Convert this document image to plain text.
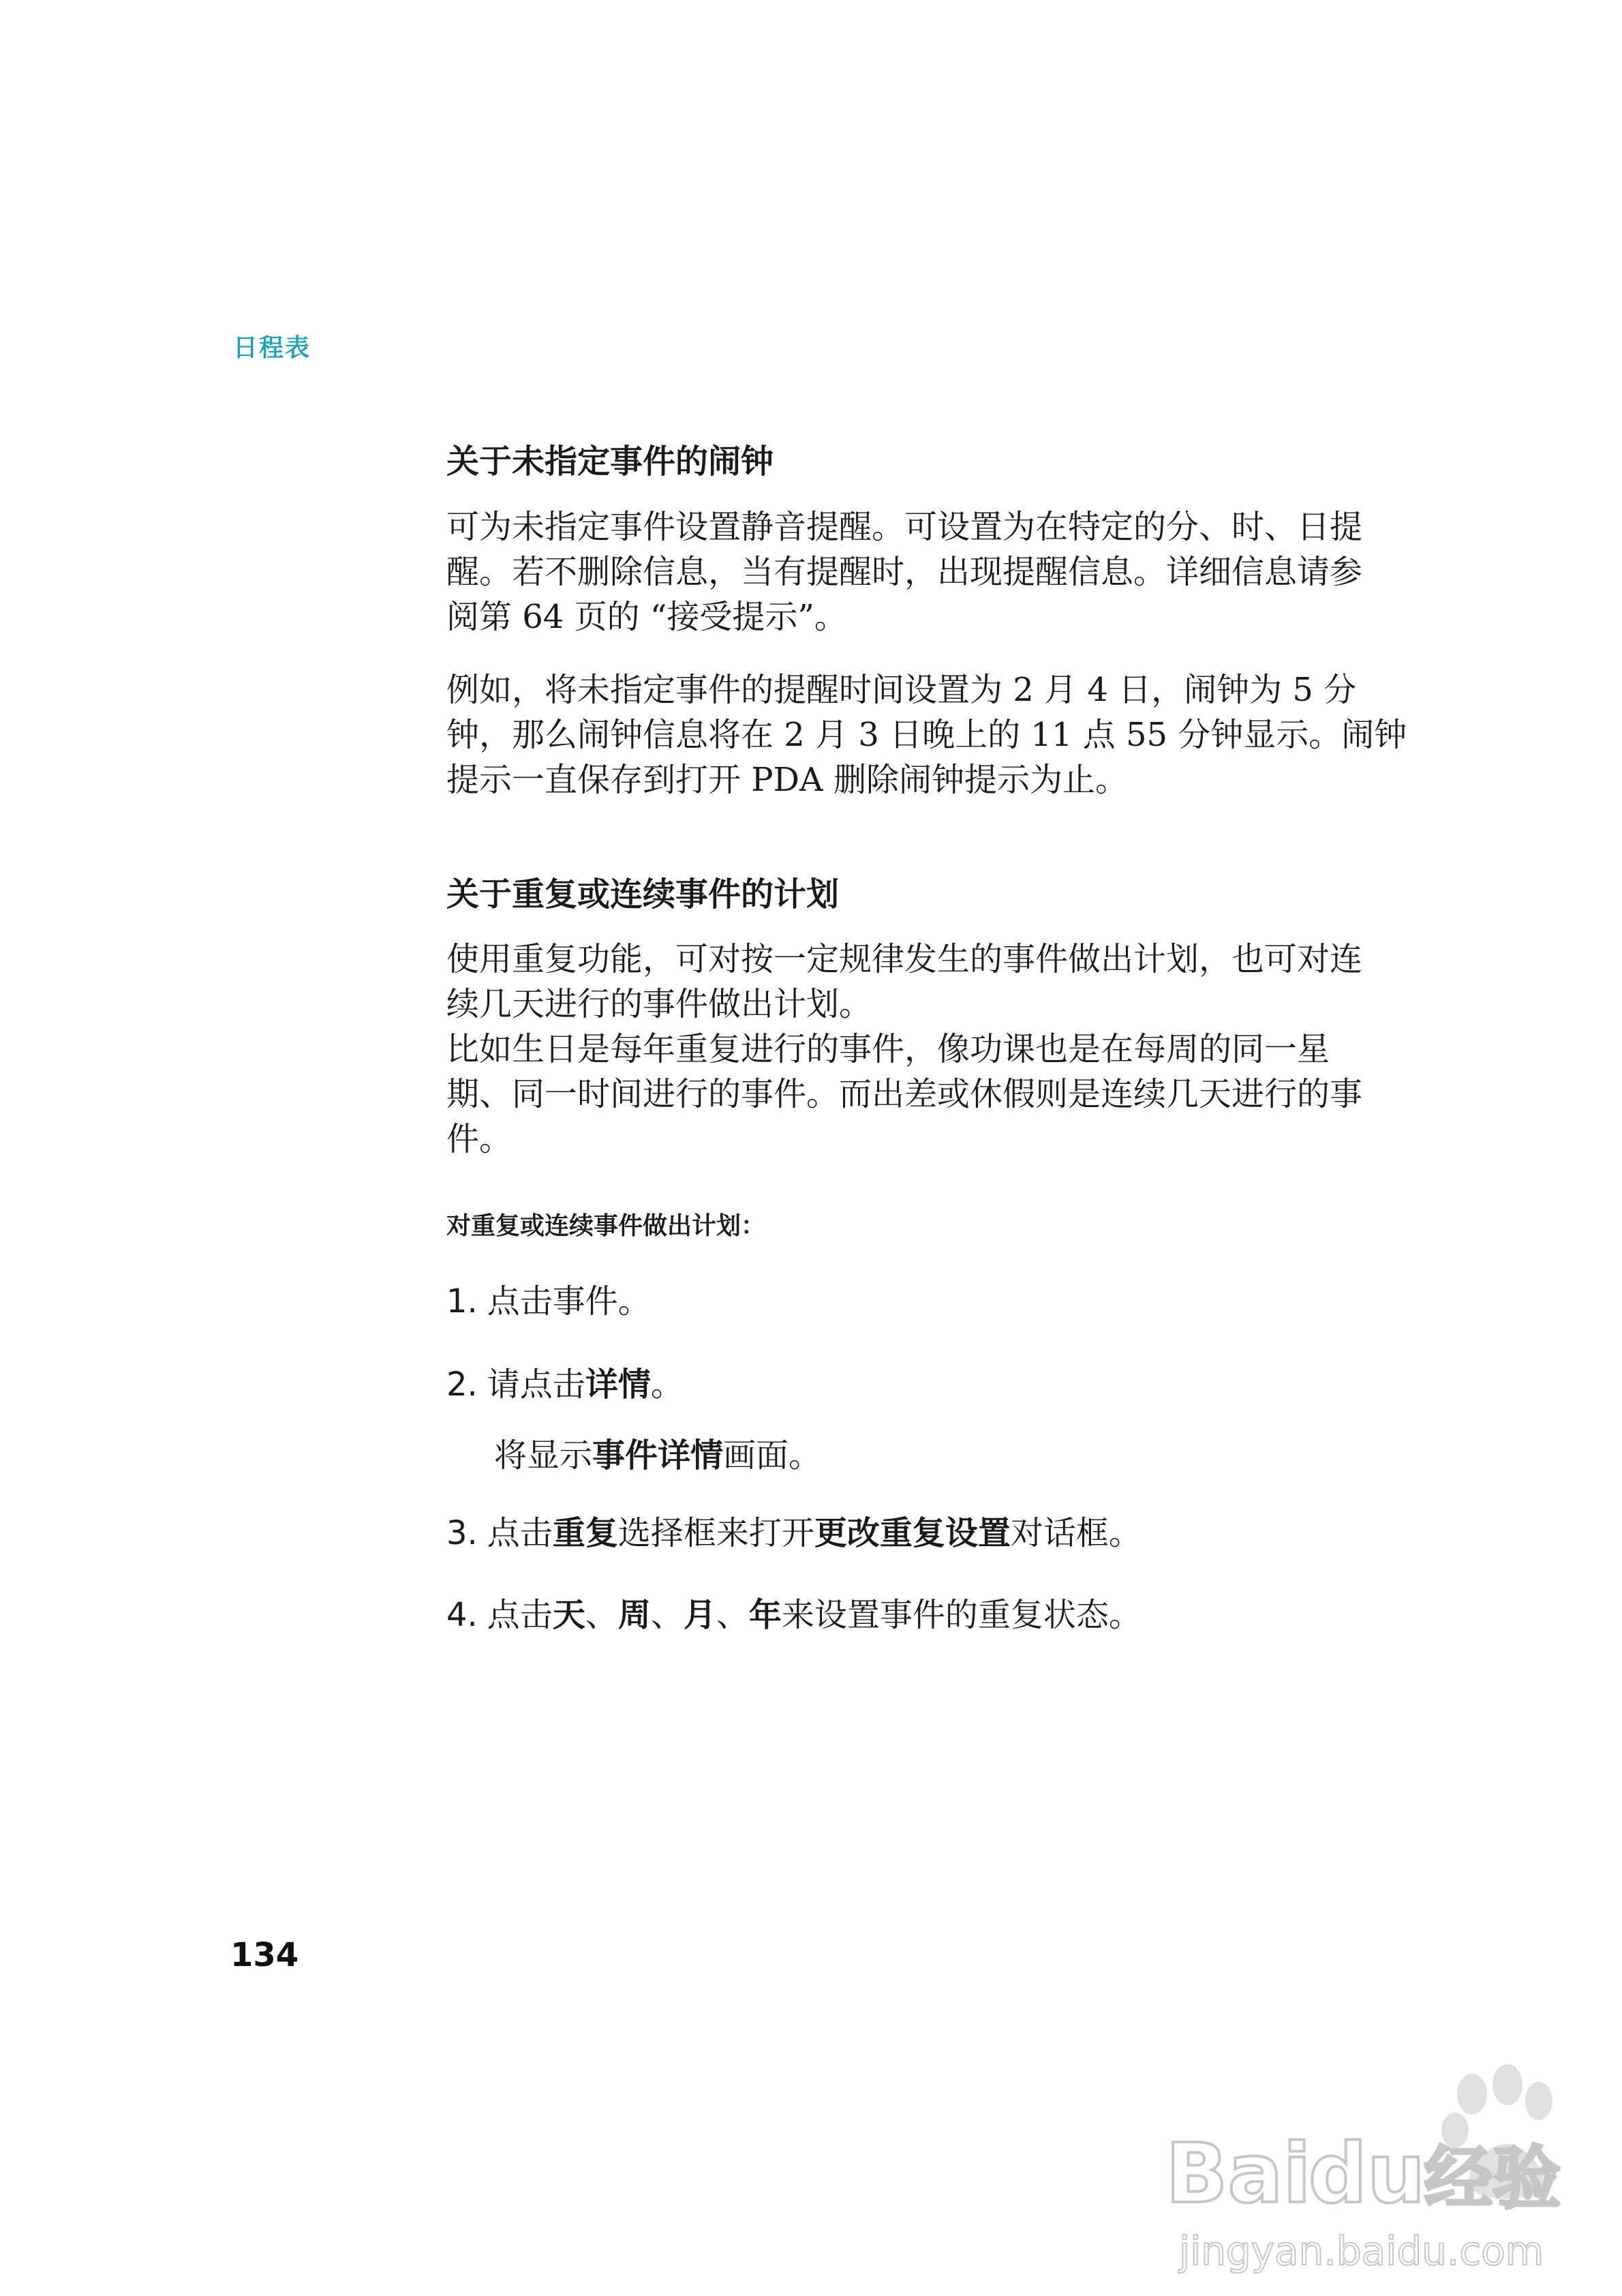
日程表
关于未指定事件的闹钟
可为未指定事件设置静音提醒。可设置为在特定的分、时、日提
醒。若不删除信息，当有提醒时，出现提醒信息。详细信息请参
阅第 64 页的 “接受提示”。
例如，将未指定事件的提醒时间设置为 2 月 4 日，闹钟为 5 分
钟，那么闹钟信息将在 2 月 3 日晚上的 11 点 55 分钟显示。闹钟
提示一直保存到打开 PDA 删除闹钟提示为止。
关于重复或连续事件的计划
使用重复功能，可对按一定规律发生的事件做出计划，也可对连
续几天进行的事件做出计划。
比如生日是每年重复进行的事件，像功课也是在每周的同一星
期、同一时间进行的事件。而出差或休假则是连续几天进行的事
件。
对重复或连续事件做出计划：
1. 点击事件。
2. 请点击详情。
将显示事件详情画面。
3. 点击重复选择框来打开更改重复设置对话框。
4. 点击天、周、月、年来设置事件的重复状态。
134
Bai
du
经验
jingyan.baidu.com
